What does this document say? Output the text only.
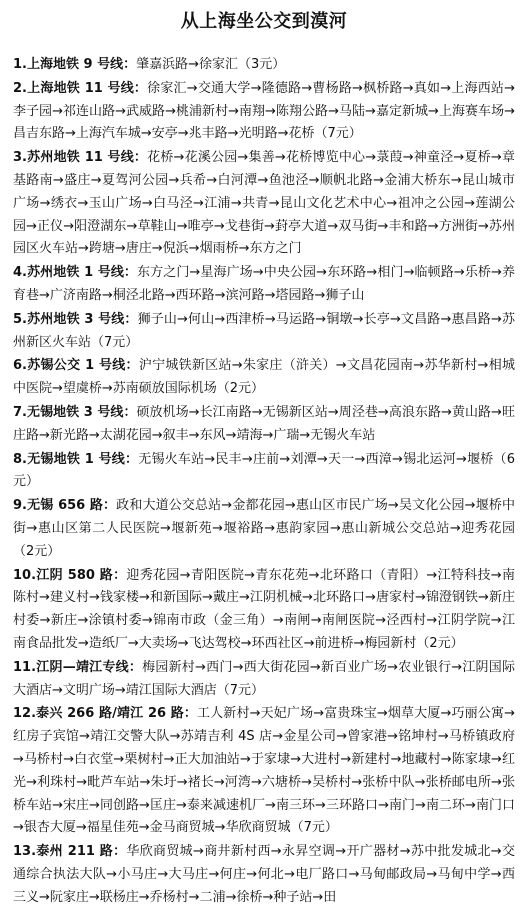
从上海坐公交到漠河
1.上海地铁 9 号线：肇嘉浜路→徐家汇（3元）
2.上海地铁 11 号线：徐家汇→交通大学→隆德路→曹杨路→枫桥路→真如→上海西站→李子园→祁连山路→武威路→桃浦新村→南翔→陈翔公路→马陆→嘉定新城→上海赛车场→昌吉东路→上海汽车城→安亭→兆丰路→光明路→花桥（7元）
3.苏州地铁 11 号线：花桥→花溪公园→集善→花桥博览中心→菉葭→神童泾→夏桥→章基路南→盛庄→夏驾河公园→兵希→白河潭→鱼池泾→顺帆北路→金浦大桥东→昆山城市广场→绣衣→玉山广场→白马泾→江浦→共青→昆山文化艺术中心→祖冲之公园→莲湖公园→正仪→阳澄湖东→草鞋山→唯亭→戈巷街→葑亭大道→双马街→丰和路→方洲街→苏州园区火车站→跨塘→唐庄→倪浜→烟雨桥→东方之门
4.苏州地铁 1 号线：东方之门→星海广场→中央公园→东环路→相门→临顿路→乐桥→养育巷→广济南路→桐泾北路→西环路→滨河路→塔园路→狮子山
5.苏州地铁 3 号线：狮子山→何山→西津桥→马运路→铜墩→长亭→文昌路→惠昌路→苏州新区火车站（7元）
6.苏锡公交 1 号线：沪宁城铁新区站→朱家庄（浒关）→文昌花园南→苏华新村→相城中医院→望虞桥→苏南硕放国际机场（2元）
7.无锡地铁 3 号线：硕放机场→长江南路→无锡新区站→周泾巷→高浪东路→黄山路→旺庄路→新光路→太湖花园→叙丰→东风→靖海→广瑞→无锡火车站
8.无锡地铁 1 号线：无锡火车站→民丰→庄前→刘潭→天一→西漳→锡北运河→堰桥（6元）
9.无锡 656 路：政和大道公交总站→金都花园→惠山区市民广场→吴文化公园→堰桥中街→惠山区第二人民医院→堰新苑→堰裕路→惠韵家园→惠山新城公交总站→迎秀花园（2元）
10.江阴 580 路：迎秀花园→青阳医院→青东花苑→北环路口（青阳）→江特科技→南陈村→建义村→钱家楼→和新国际→戴庄→江阴机械→北环路口→唐家村→锦澄钢铁→新庄村委→新庄→涂镇村委→锦南市政（金三角）→南闸→南闸医院→泾西村→江阴学院→江南食品批发→造纸厂→大卖场→飞达驾校→环西社区→前进桥→梅园新村（2元）
11.江阴—靖江专线：梅园新村→西门→西大街花园→新百业广场→农业银行→江阴国际大酒店→文明广场→靖江国际大酒店（7元）
12.泰兴 266 路/靖江 26 路：工人新村→天妃广场→富贵珠宝→烟草大厦→巧丽公寓→红房子宾馆→靖江交警大队→苏靖吉利 4S 店→金星公司→曾家港→铭坤村→马桥镇政府→马桥村→白衣堂→栗树村→正大加油站→于家埭→大进村→新建村→地藏村→陈家埭→红光→利珠村→毗芦车站→朱圩→褚长→河湾→六塘桥→吴桥村→张桥中队→张桥邮电所→张桥车站→宋庄→同创路→匡庄→泰来减速机厂→南三环→三环路口→南门→南二环→南门口→银杏大厦→福星佳苑→金马商贸城→华欣商贸城（7元）
13.泰州 211 路：华欣商贸城→商井新村西→永昇空调→开广器材→苏中批发城北→交通综合执法大队→小马庄→大马庄→何庄→何北→电厂路口→马甸邮政局→马甸中学→西三义→阮家庄→联杨庄→乔杨村→二浦→徐桥→种子站→田
